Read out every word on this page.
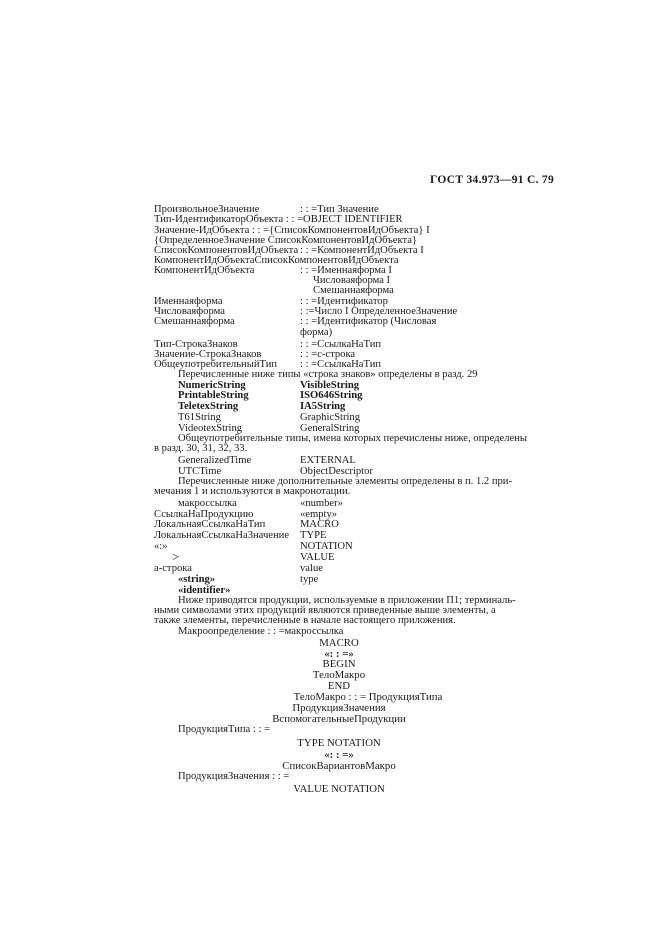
ГОСТ 34.973—91 С. 79
ПроизвольноеЗначение	: : =Тип Значение
Тип-ИдентификаторОбъекта : : =OBJECT IDENTIFIER
Значение-ИдОбъекта : : ={СписокКомпонентовИдОбъекта} I
{ОпределенноеЗначение СписокКомпонентовИдОбъекта}
СписокКомпонентовИдОбъекта : : =КомпонентИдОбъекта I
КомпонентИдОбъектаСписокКомпонентовИдОбъекта
КомпонентИдОбъекта	: : =Именнаяформа I
Числоваяформа I
Смешаннаяформа
Именнаяформа	: : =Идентификатор
Числоваяформа	: :=Число I ОпределенноеЗначение
Смешаннаяформа	: : =Идентификатор (Числовая
форма)
Тип-СтрокаЗнаков	: : =СсылкаНаТип
Значение-СтрокаЗнаков	: : =с-строка
ОбщеупотребительныйТип : : =СсылкаНаТип
Перечисленные ниже типы «строка знаков» определены в разд. 29
NumericString	VisibleString
PrintableString	ISO646String
TeletexString	IA5String
T61String	GraphicString
VideotexString	GeneralString
Общеупотребительные типы, имена которых перечислены ниже, определены
в разд. 30, 31, 32, 33.
GeneralizedTime	EXTERNAL
UTCTime	ObjectDescriptor
Перечисленные ниже дополнительные элементы определены в п. 1.2 при-
мечания 1 и используются в макронотации.
макроссылка	«number»
СсылкаНаПродукцию	«empty»
ЛокальнаяСсылкаНаТип	MACRO
ЛокальнаяСсылкаНаЗначение TYPE
«:»	NOTATION
>	VALUE
а-строка	value
«string»	type
«identifier»
Ниже приводятся продукции, используемые в приложении П1; терминаль-
ными символами этих продукций являются приведенные выше элементы, а
также элементы, перечисленные в начале настоящего приложения.
Макроопределение : : =макроссылка
MACRO
«: : =»
BEGIN
ТелоМакро
END
ТелоМакро : : = ПродукцияТипа
ПродукцияЗначения
ВспомогательныеПродукции
ПродукцияТипа : : =
TYPE NOTATION
«: : =»
СписокВариантовМакро
ПродукцияЗначения : : =
VALUE NOTATION
